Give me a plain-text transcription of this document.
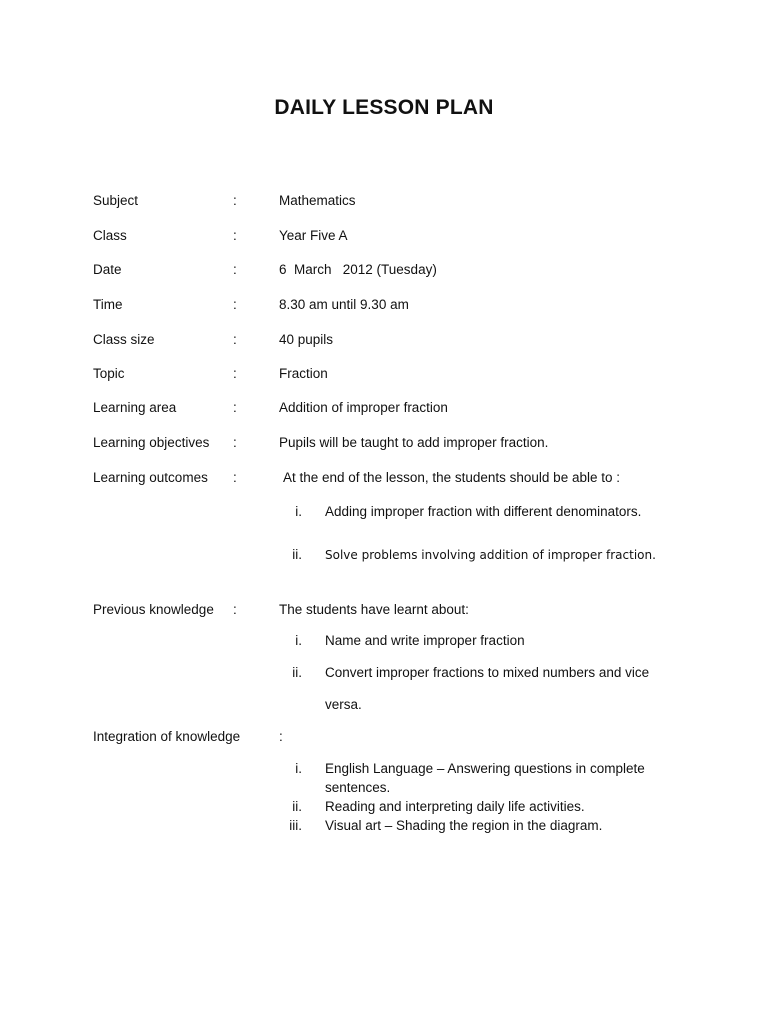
DAILY LESSON PLAN
Subject	:	Mathematics
Class	:	Year Five A
Date	:	6  March   2012 (Tuesday)
Time	:	8.30 am until 9.30 am
Class size	:	40 pupils
Topic	:	Fraction
Learning area	:	Addition of improper fraction
Learning objectives :	Pupils will be taught to add improper fraction.
Learning outcomes :	At the end of the lesson, the students should be able to :
i. Adding improper fraction with different denominators.
ii. Solve problems involving addition of improper fraction.
Previous knowledge :	The students have learnt about:
i. Name and write improper fraction
ii. Convert improper fractions to mixed numbers and vice
versa.
Integration of knowledge	:
i. English Language – Answering questions in complete
sentences.
ii. Reading and interpreting daily life activities.
iii. Visual art – Shading the region in the diagram.
